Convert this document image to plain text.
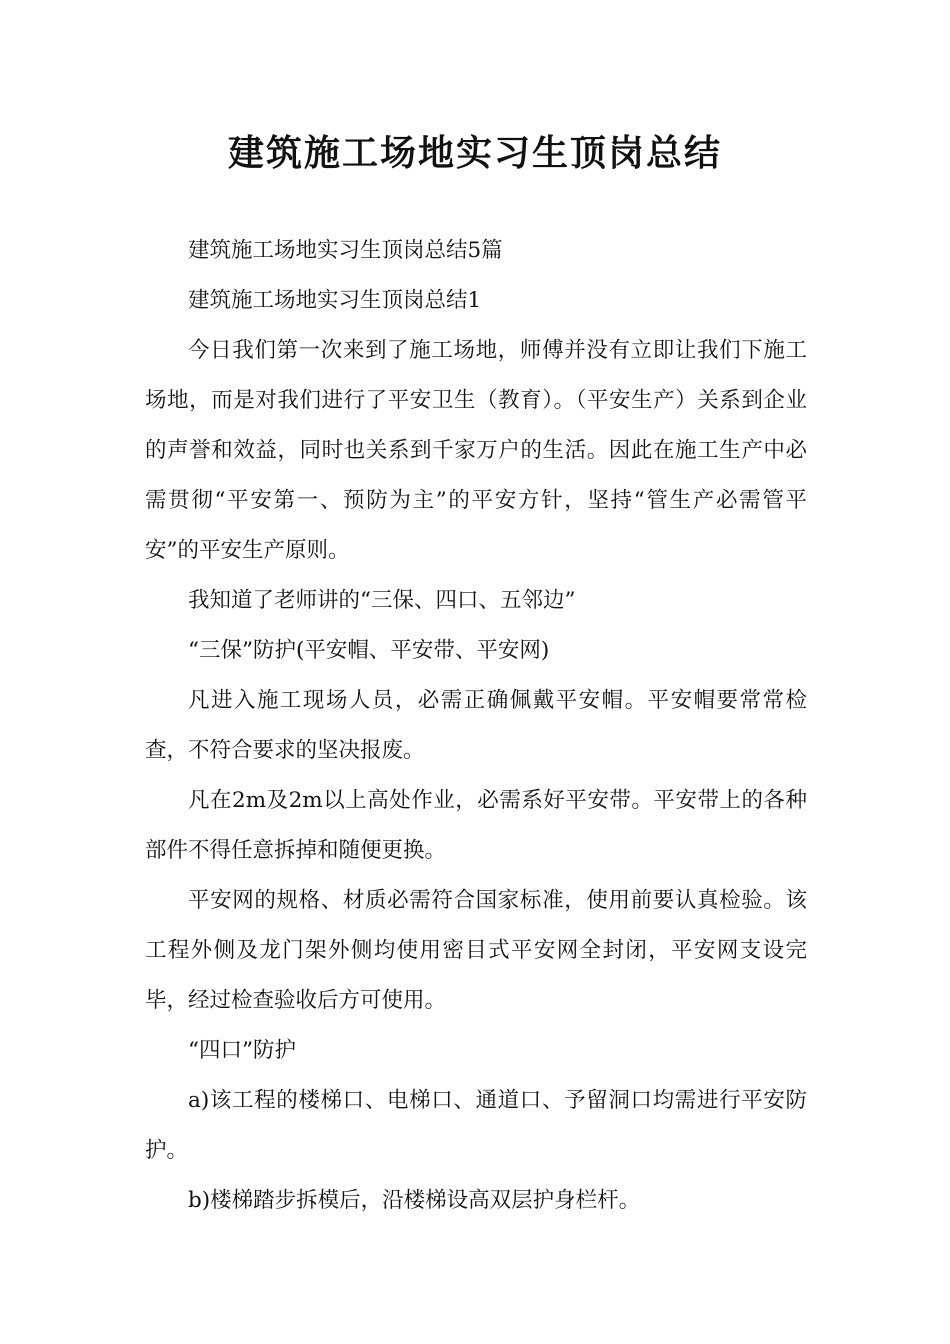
建筑施工场地实习生顶岗总结

建筑施工场地实习生顶岗总结5篇

建筑施工场地实习生顶岗总结1

今日我们第一次来到了施工场地，师傅并没有立即让我们下施工场地，而是对我们进行了平安卫生（教育）。（平安生产）关系到企业的声誉和效益，同时也关系到千家万户的生活。因此在施工生产中必需贯彻“平安第一、预防为主”的平安方针，坚持“管生产必需管平安”的平安生产原则。

我知道了老师讲的“三保、四口、五邻边”

“三保”防护(平安帽、平安带、平安网)

凡进入施工现场人员，必需正确佩戴平安帽。平安帽要常常检查，不符合要求的坚决报废。

凡在2m及2m以上高处作业，必需系好平安带。平安带上的各种部件不得任意拆掉和随便更换。

平安网的规格、材质必需符合国家标准，使用前要认真检验。该工程外侧及龙门架外侧均使用密目式平安网全封闭，平安网支设完毕，经过检查验收后方可使用。

“四口”防护

a)该工程的楼梯口、电梯口、通道口、予留洞口均需进行平安防护。

b)楼梯踏步拆模后，沿楼梯设高双层护身栏杆。
